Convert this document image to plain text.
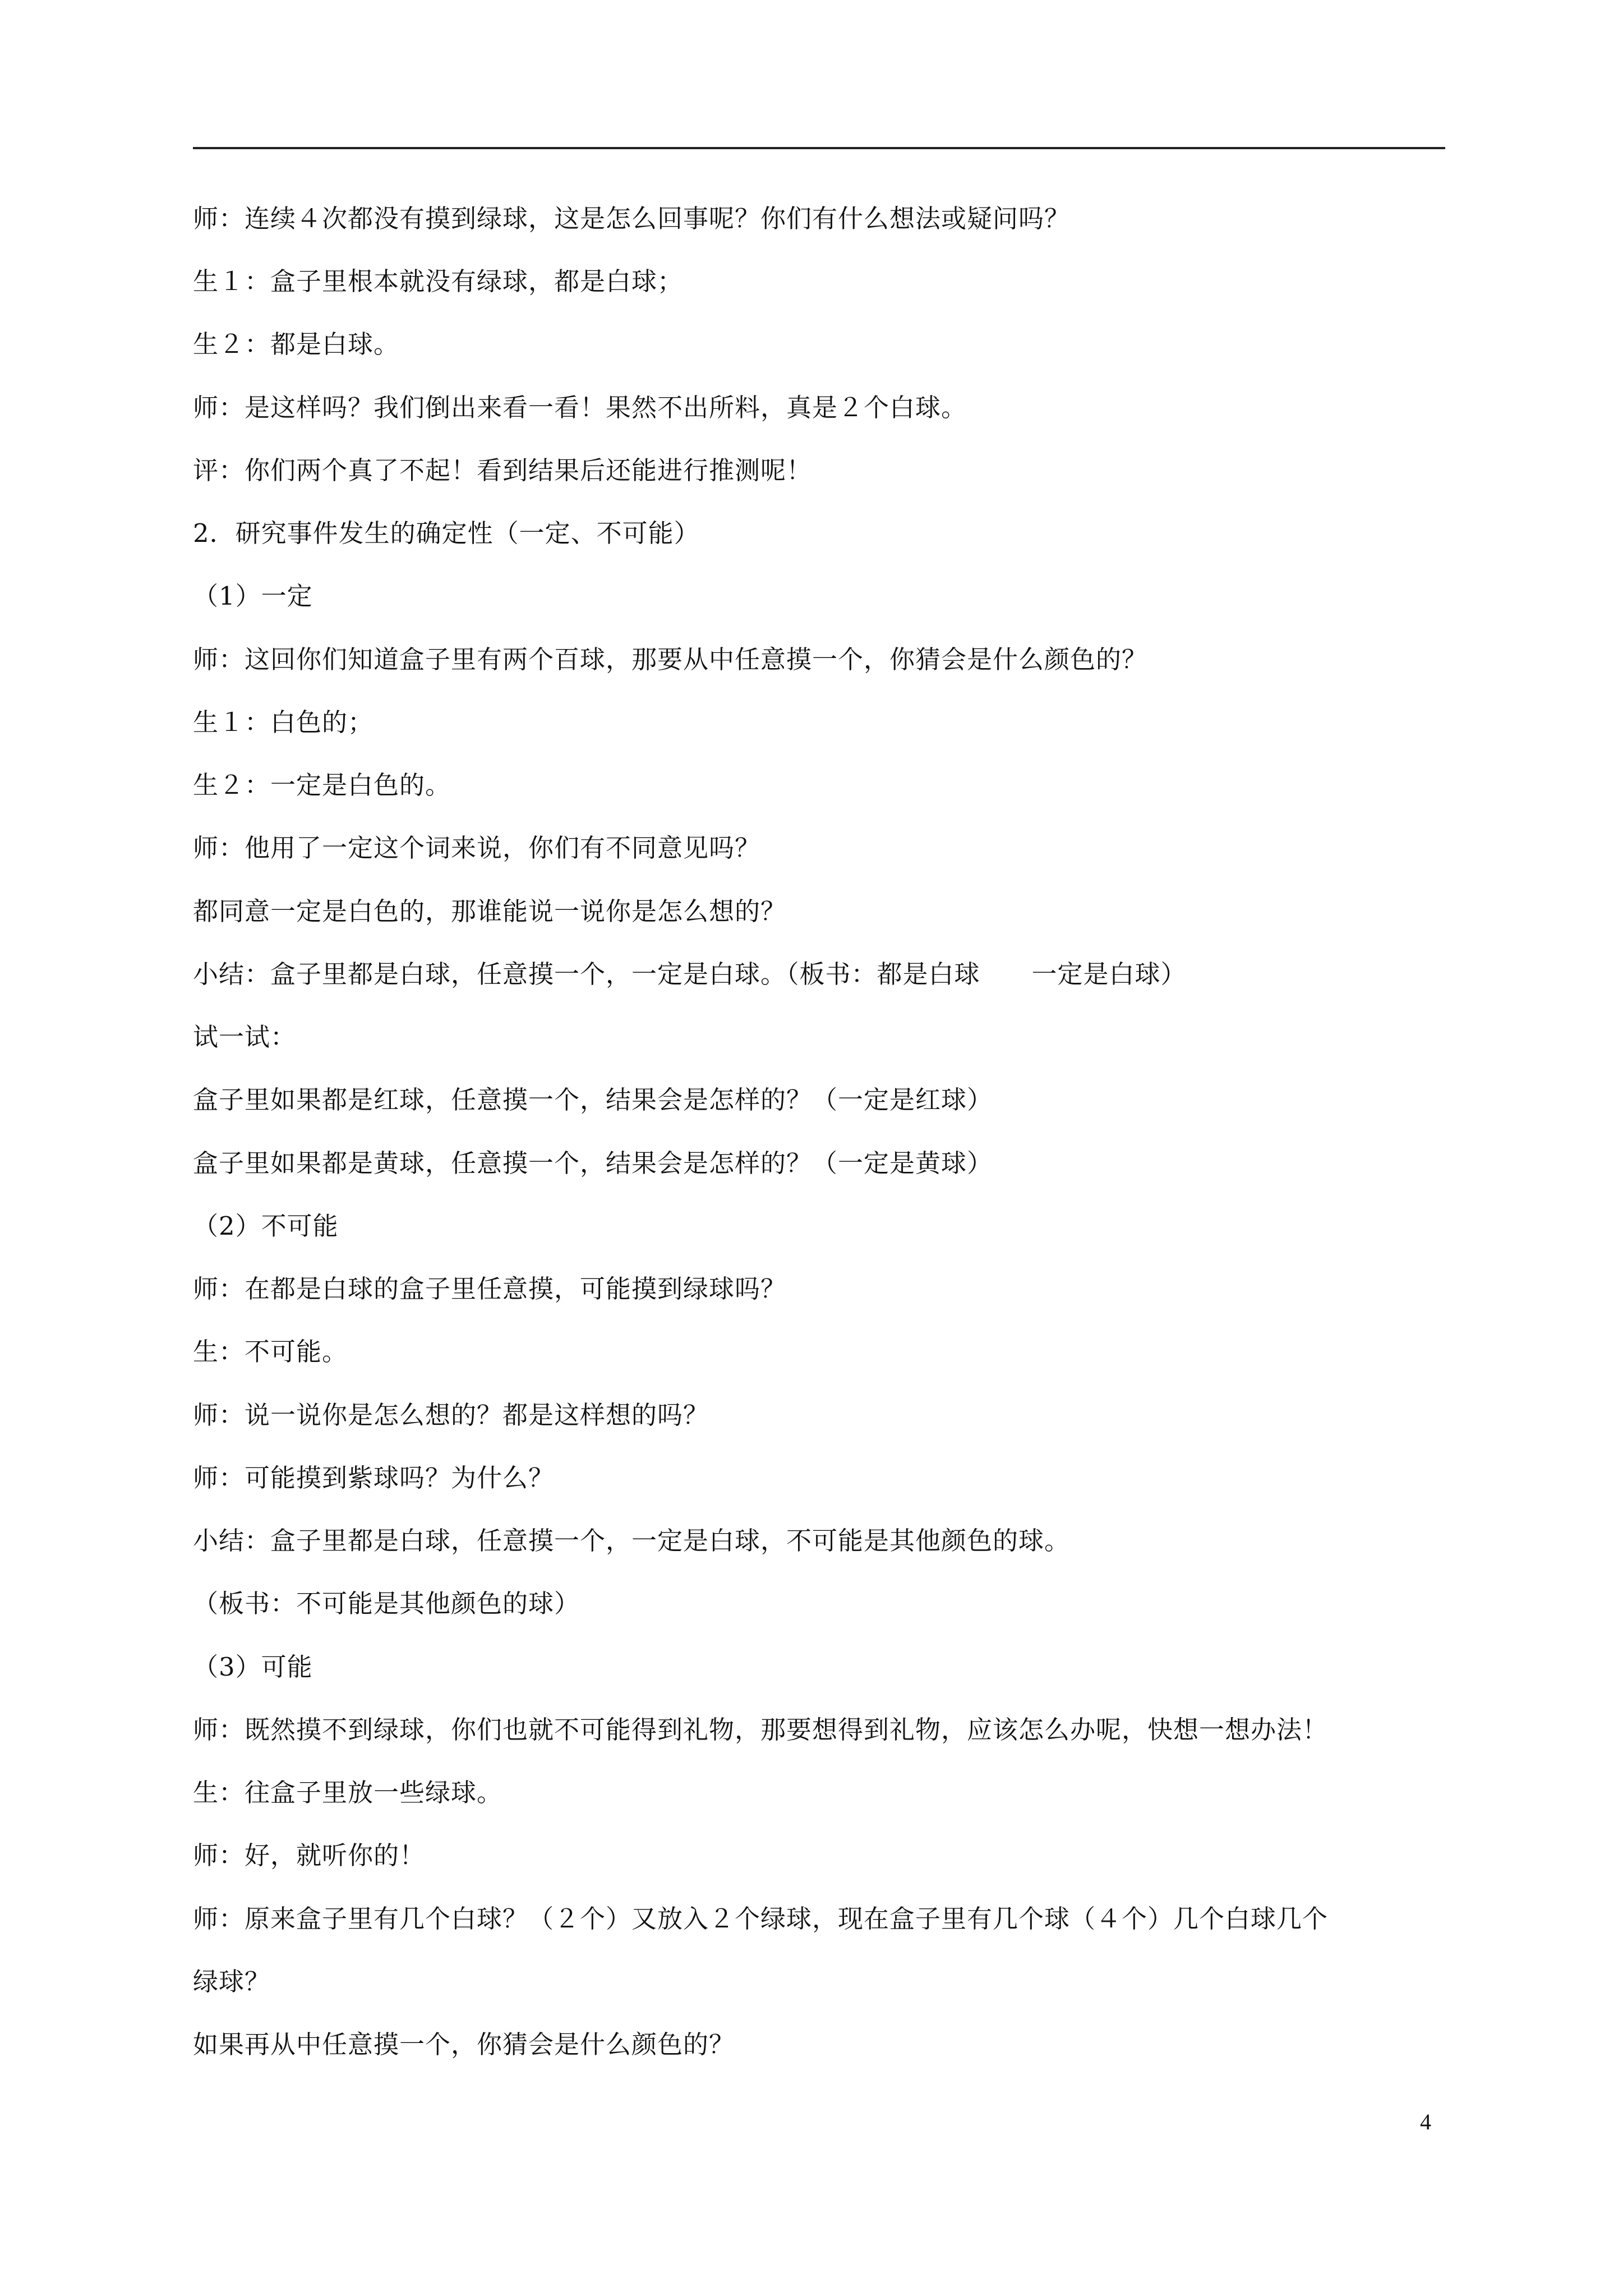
师：连续４次都没有摸到绿球，这是怎么回事呢？你们有什么想法或疑问吗？
生１：盒子里根本就没有绿球，都是白球；
生２：都是白球。
师：是这样吗？我们倒出来看一看！果然不出所料，真是２个白球。
评：你们两个真了不起！看到结果后还能进行推测呢！
2．研究事件发生的确定性（一定、不可能）
（1）一定
师：这回你们知道盒子里有两个百球，那要从中任意摸一个，你猜会是什么颜色的？
生１：白色的；
生２：一定是白色的。
师：他用了一定这个词来说，你们有不同意见吗？
都同意一定是白色的，那谁能说一说你是怎么想的？
小结：盒子里都是白球，任意摸一个，一定是白球。（板书：都是白球　　一定是白球）
试一试：
盒子里如果都是红球，任意摸一个，结果会是怎样的？（一定是红球）
盒子里如果都是黄球，任意摸一个，结果会是怎样的？（一定是黄球）
（2）不可能
师：在都是白球的盒子里任意摸，可能摸到绿球吗？
生：不可能。
师：说一说你是怎么想的？都是这样想的吗？
师：可能摸到紫球吗？为什么？
小结：盒子里都是白球，任意摸一个，一定是白球，不可能是其他颜色的球。
（板书：不可能是其他颜色的球）
（3）可能
师：既然摸不到绿球，你们也就不可能得到礼物，那要想得到礼物，应该怎么办呢，快想一想办法！
生：往盒子里放一些绿球。
师：好，就听你的！
师：原来盒子里有几个白球？（２个）又放入２个绿球，现在盒子里有几个球（４个）几个白球几个
绿球？
如果再从中任意摸一个，你猜会是什么颜色的？
4
